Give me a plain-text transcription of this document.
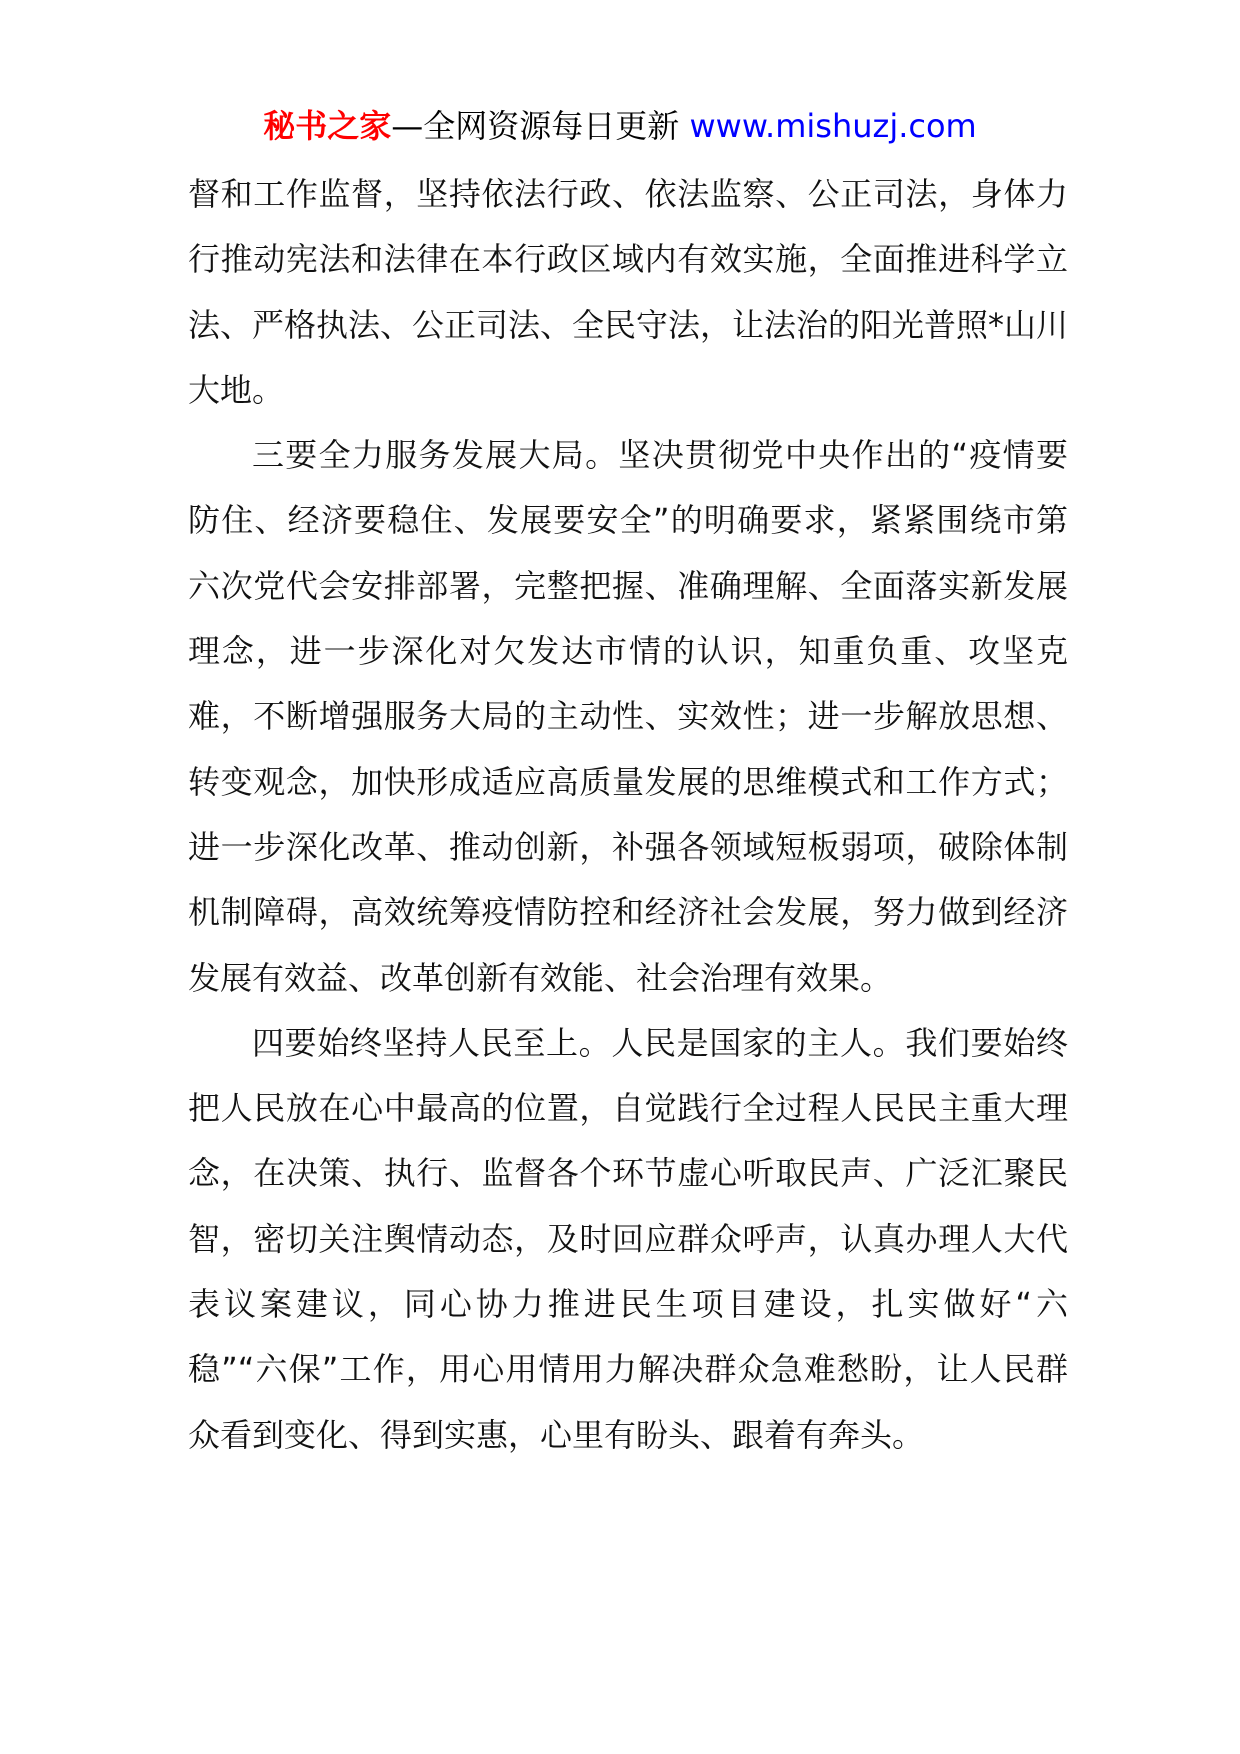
秘书之家—全网资源每日更新 www.mishuzj.com

督和工作监督，坚持依法行政、依法监察、公正司法，身体力行推动宪法和法律在本行政区域内有效实施，全面推进科学立法、严格执法、公正司法、全民守法，让法治的阳光普照*山川大地。

三要全力服务发展大局。坚决贯彻党中央作出的“疫情要防住、经济要稳住、发展要安全”的明确要求，紧紧围绕市第六次党代会安排部署，完整把握、准确理解、全面落实新发展理念，进一步深化对欠发达市情的认识，知重负重、攻坚克难，不断增强服务大局的主动性、实效性；进一步解放思想、转变观念，加快形成适应高质量发展的思维模式和工作方式；进一步深化改革、推动创新，补强各领域短板弱项，破除体制机制障碍，高效统筹疫情防控和经济社会发展，努力做到经济发展有效益、改革创新有效能、社会治理有效果。

四要始终坚持人民至上。人民是国家的主人。我们要始终把人民放在心中最高的位置，自觉践行全过程人民民主重大理念，在决策、执行、监督各个环节虚心听取民声、广泛汇聚民智，密切关注舆情动态，及时回应群众呼声，认真办理人大代表议案建议，同心协力推进民生项目建设，扎实做好“六稳”“六保”工作，用心用情用力解决群众急难愁盼，让人民群众看到变化、得到实惠，心里有盼头、跟着有奔头。
